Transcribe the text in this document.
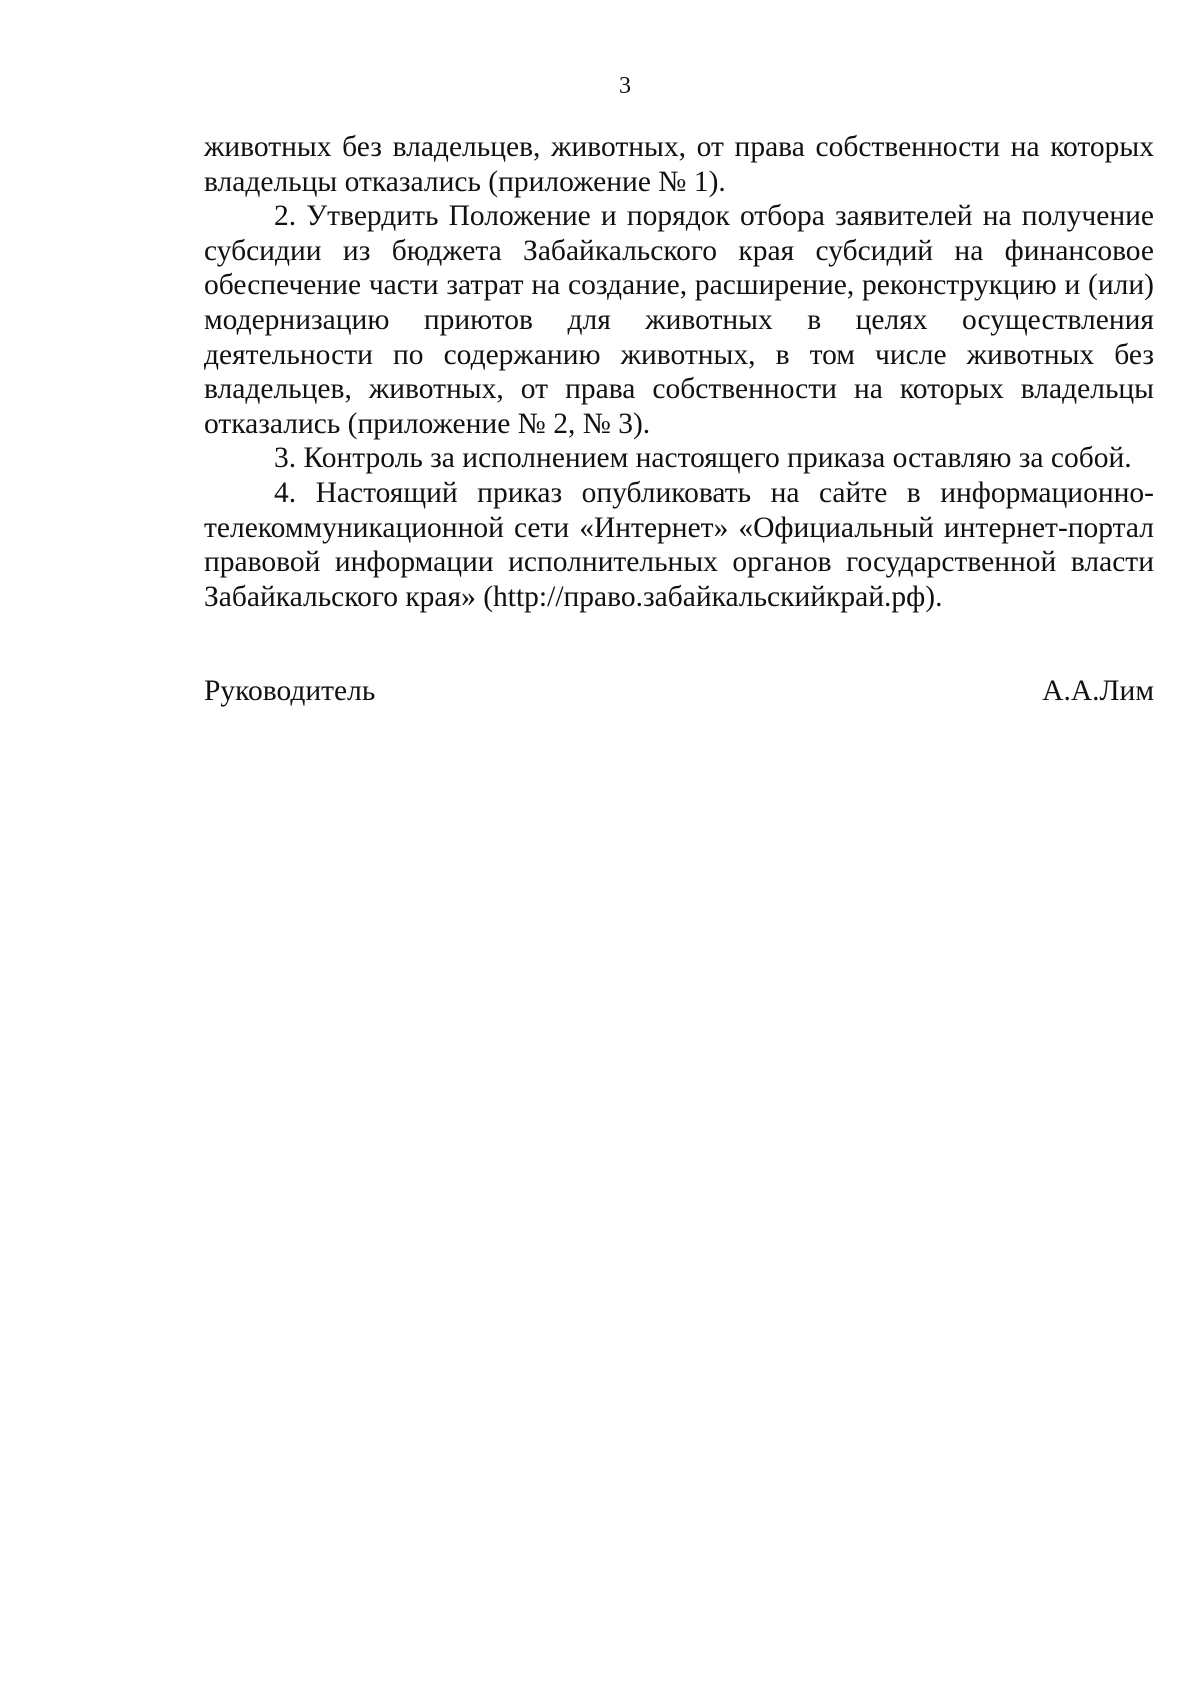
3

животных без владельцев, животных, от права собственности на которых владельцы отказались (приложение № 1).

2. Утвердить Положение и порядок отбора заявителей на получение субсидии из бюджета Забайкальского края субсидий на финансовое обеспечение части затрат на создание, расширение, реконструкцию и (или) модернизацию приютов для животных в целях осуществления деятельности по содержанию животных, в том числе животных без владельцев, животных, от права собственности на которых владельцы отказались (приложение № 2, № 3).

3. Контроль за исполнением настоящего приказа оставляю за собой.

4. Настоящий приказ опубликовать на сайте в информационно-телекоммуникационной сети «Интернет» «Официальный интернет-портал правовой информации исполнительных органов государственной власти Забайкальского края» (http://право.забайкальскийкрай.рф).

Руководитель	А.А.Лим
